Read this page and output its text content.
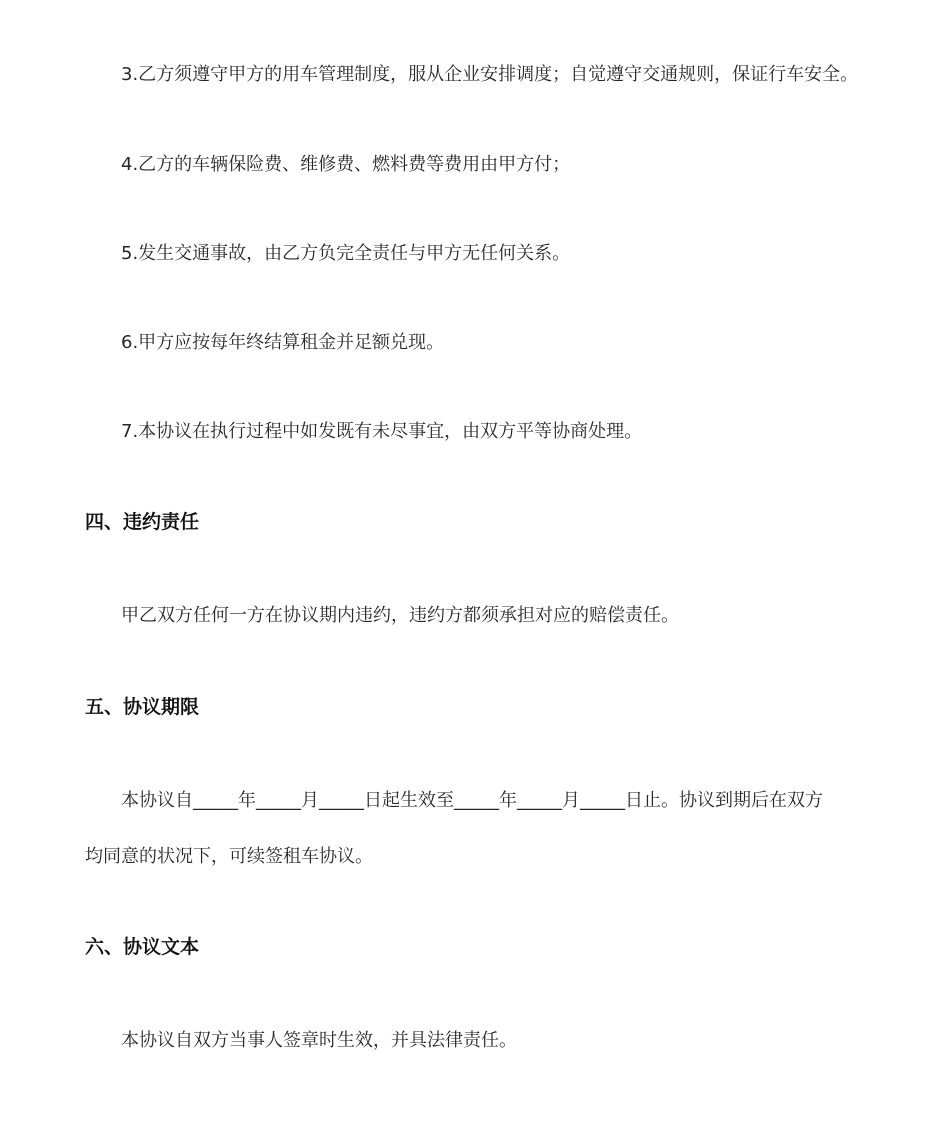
3.乙方须遵守甲方的用车管理制度，服从企业安排调度；自觉遵守交通规则，保证行车安全。

4.乙方的车辆保险费、维修费、燃料费等费用由甲方付；

5.发生交通事故，由乙方负完全责任与甲方无任何关系。

6.甲方应按每年终结算租金并足额兑现。

7.本协议在执行过程中如发既有未尽事宜，由双方平等协商处理。

四、违约责任

甲乙双方任何一方在协议期内违约，违约方都须承担对应的赔偿责任。

五、协议期限

本协议自_____年_____月_____日起生效至_____年_____月_____日止。协议到期后在双方

均同意的状况下，可续签租车协议。

六、协议文本

本协议自双方当事人签章时生效，并具法律责任。
